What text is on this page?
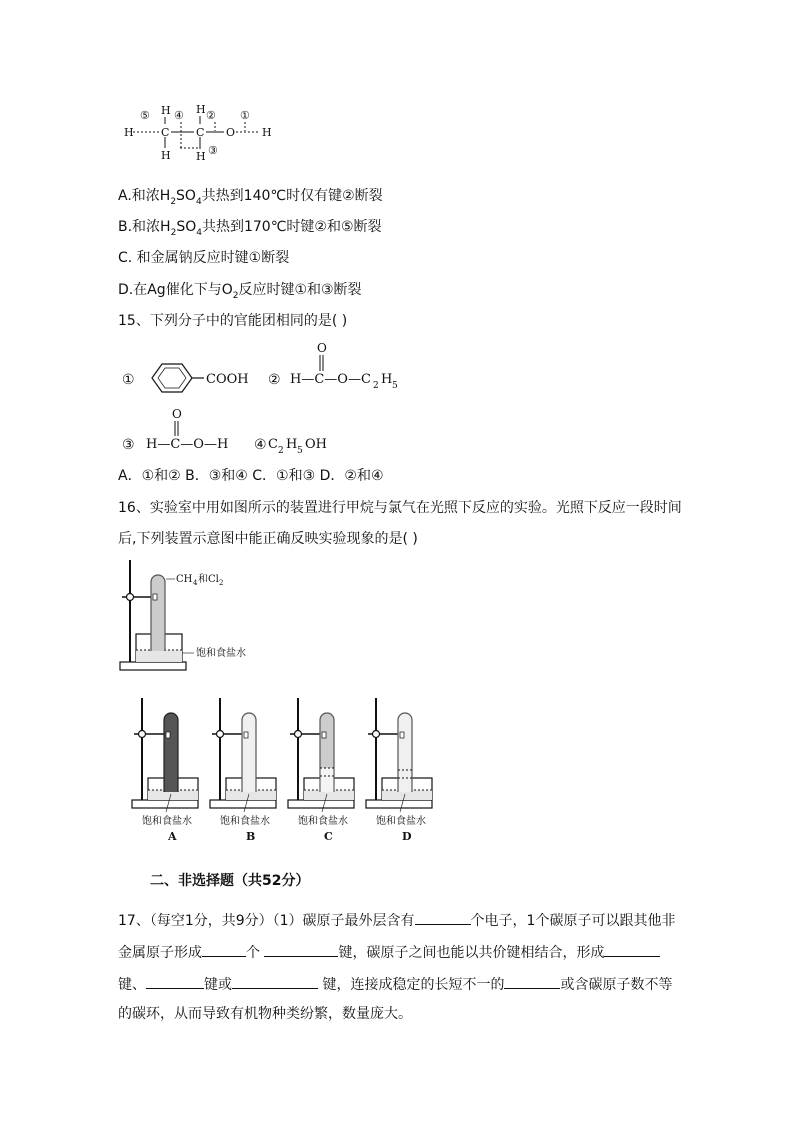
⑤ ④ ② ①
③
H C C O H
H H
H H
A.和浓$H_2SO_4$共热到140℃时仅有键②断裂
B.和浓$H_2SO_4$共热到170℃时键②和⑤断裂
C. 和金属钠反应时键①断裂
D.在Ag催化下与$O_2$反应时键①和③断裂
15、下列分子中的官能团相同的是( )
①	COOH ② H—C—O—C 2 H 5
O
③ H—C—O—H
O
④ C 2 H 5 OH
A．①和② B．③和④ C．①和③ D．②和④
16、实验室中用如图所示的装置进行甲烷与氯气在光照下反应的实验。光照下反应一段时间
后,下列装置示意图中能正确反映实验现象的是( )
CH 4 和Cl 2
饱和食盐水
饱和食盐水
A
饱和食盐水
B
饱和食盐水
C
饱和食盐水
D
二、非选择题（共52分）
17、（每空1分，共9分）（1）碳原子最外层含有	个电子，1个碳原子可以跟其他非
金属原子形成	个	键，碳原子之间也能以共价键相结合，形成
键、	键或	键，连接成稳定的长短不一的	或含碳原子数不等
的碳环，从而导致有机物种类纷繁，数量庞大。
